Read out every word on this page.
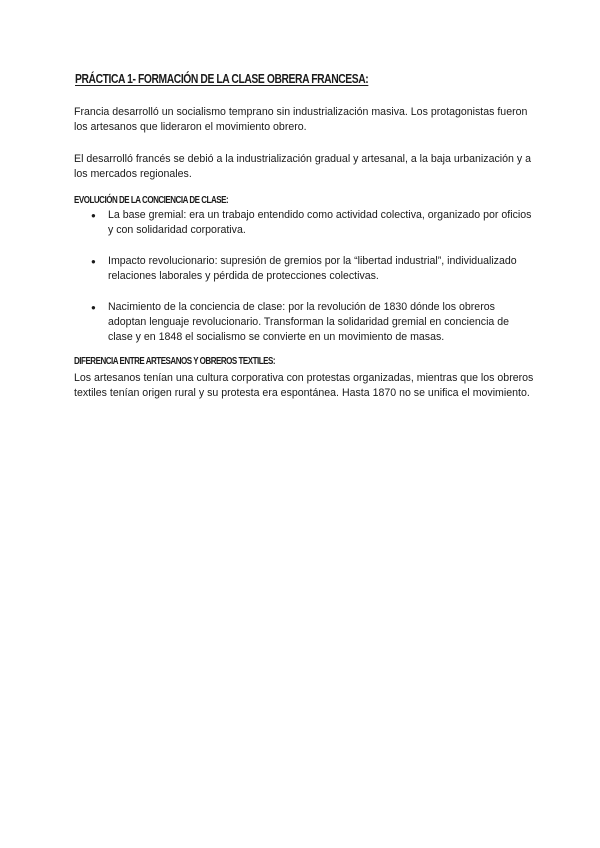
PRÁCTICA 1- FORMACIÓN DE LA CLASE OBRERA FRANCESA:

Francia desarrolló un socialismo temprano sin industrialización masiva. Los protagonistas fueron los artesanos que lideraron el movimiento obrero.

El desarrolló francés se debió a la industrialización gradual y artesanal, a la baja urbanización y a los mercados regionales.

EVOLUCIÓN DE LA CONCIENCIA DE CLASE:
● La base gremial: era un trabajo entendido como actividad colectiva, organizado por oficios y con solidaridad corporativa.
● Impacto revolucionario: supresión de gremios por la “libertad industrial”, individualizado relaciones laborales y pérdida de protecciones colectivas.
● Nacimiento de la conciencia de clase: por la revolución de 1830 dónde los obreros adoptan lenguaje revolucionario. Transforman la solidaridad gremial en conciencia de clase y en 1848 el socialismo se convierte en un movimiento de masas.
DIFERENCIA ENTRE ARTESANOS Y OBREROS TEXTILES:

Los artesanos tenían una cultura corporativa con protestas organizadas, mientras que los obreros textiles tenían origen rural y su protesta era espontánea. Hasta 1870 no se unifica el movimiento.
